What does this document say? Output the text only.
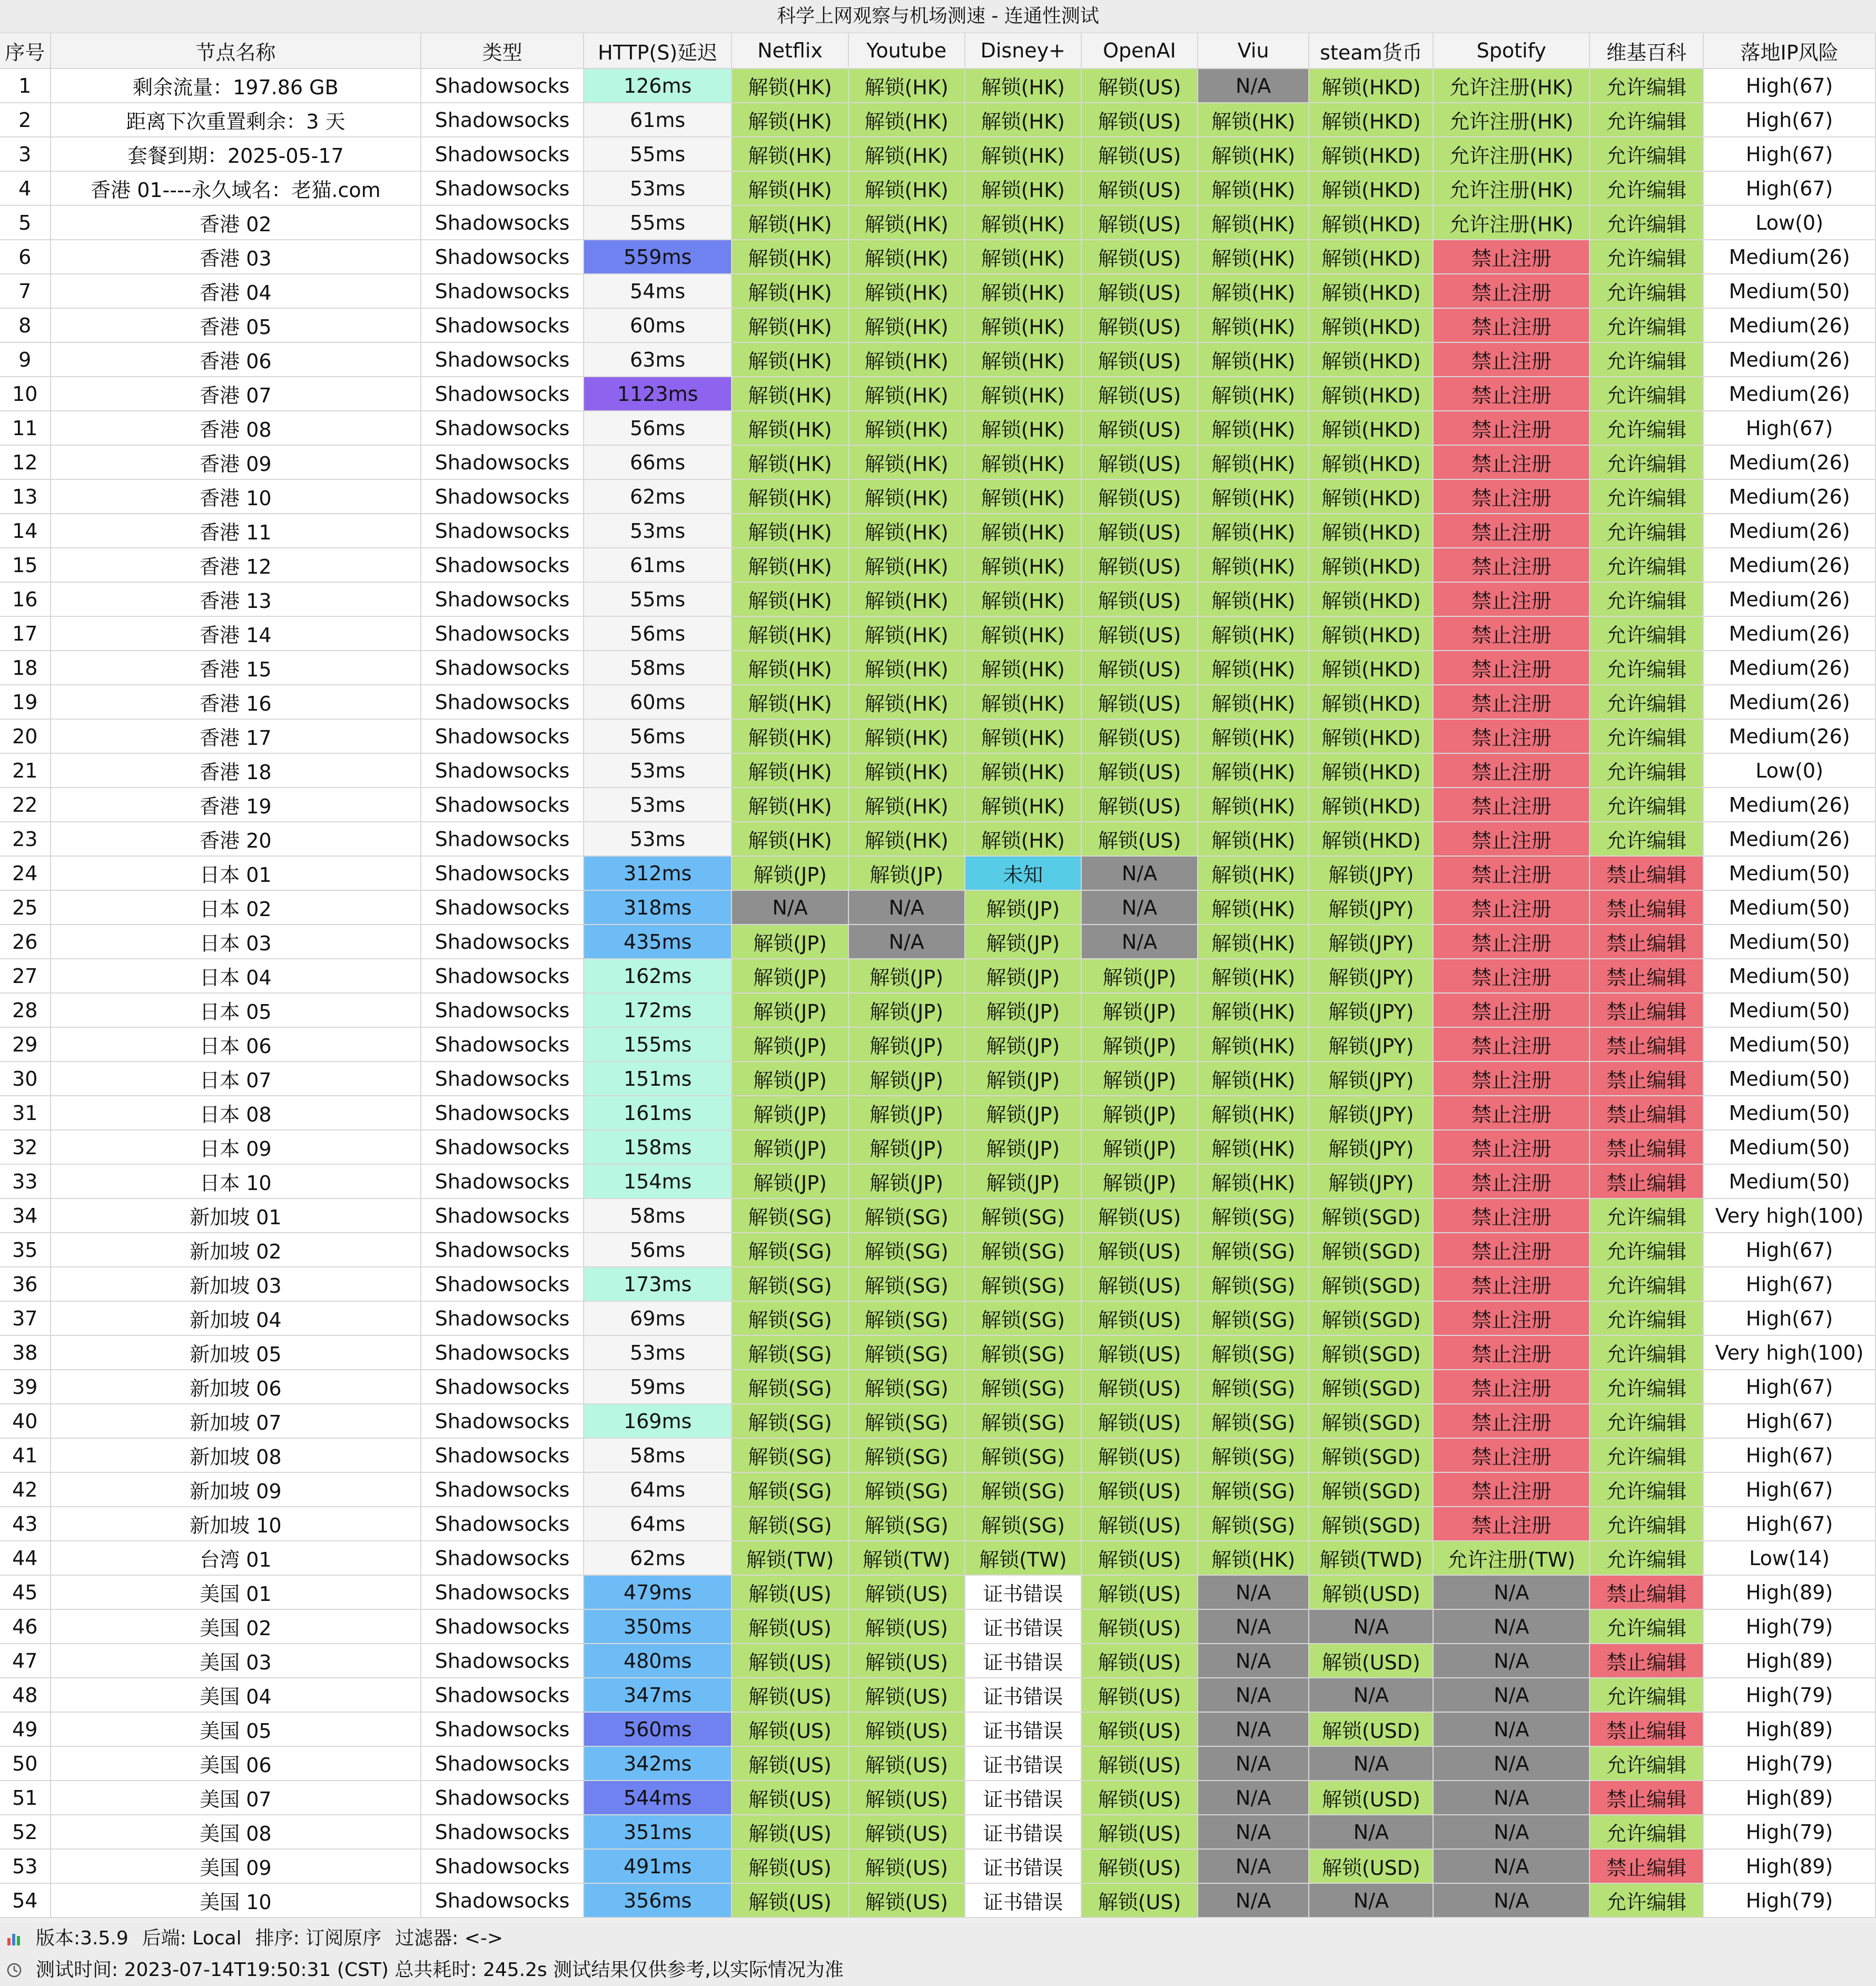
科学上网观察与机场测速 - 连通性测试
序号	节点名称	类型	HTTP(S)延迟	Netflix	Youtube	Disney+	OpenAI	Viu	steam货币	Spotify	维基百科	落地IP风险
1	剩余流量：197.86 GB	Shadowsocks	126ms	解锁(HK)	解锁(HK)	解锁(HK)	解锁(US)	N/A	解锁(HKD)	允许注册(HK)	允许编辑	High(67)
2	距离下次重置剩余：3 天	Shadowsocks	61ms	解锁(HK)	解锁(HK)	解锁(HK)	解锁(US)	解锁(HK)	解锁(HKD)	允许注册(HK)	允许编辑	High(67)
3	套餐到期：2025-05-17	Shadowsocks	55ms	解锁(HK)	解锁(HK)	解锁(HK)	解锁(US)	解锁(HK)	解锁(HKD)	允许注册(HK)	允许编辑	High(67)
4	香港 01----永久域名：老猫.com	Shadowsocks	53ms	解锁(HK)	解锁(HK)	解锁(HK)	解锁(US)	解锁(HK)	解锁(HKD)	允许注册(HK)	允许编辑	High(67)
5	香港 02	Shadowsocks	55ms	解锁(HK)	解锁(HK)	解锁(HK)	解锁(US)	解锁(HK)	解锁(HKD)	允许注册(HK)	允许编辑	Low(0)
6	香港 03	Shadowsocks	559ms	解锁(HK)	解锁(HK)	解锁(HK)	解锁(US)	解锁(HK)	解锁(HKD)	禁止注册	允许编辑	Medium(26)
7	香港 04	Shadowsocks	54ms	解锁(HK)	解锁(HK)	解锁(HK)	解锁(US)	解锁(HK)	解锁(HKD)	禁止注册	允许编辑	Medium(50)
8	香港 05	Shadowsocks	60ms	解锁(HK)	解锁(HK)	解锁(HK)	解锁(US)	解锁(HK)	解锁(HKD)	禁止注册	允许编辑	Medium(26)
9	香港 06	Shadowsocks	63ms	解锁(HK)	解锁(HK)	解锁(HK)	解锁(US)	解锁(HK)	解锁(HKD)	禁止注册	允许编辑	Medium(26)
10	香港 07	Shadowsocks	1123ms	解锁(HK)	解锁(HK)	解锁(HK)	解锁(US)	解锁(HK)	解锁(HKD)	禁止注册	允许编辑	Medium(26)
11	香港 08	Shadowsocks	56ms	解锁(HK)	解锁(HK)	解锁(HK)	解锁(US)	解锁(HK)	解锁(HKD)	禁止注册	允许编辑	High(67)
12	香港 09	Shadowsocks	66ms	解锁(HK)	解锁(HK)	解锁(HK)	解锁(US)	解锁(HK)	解锁(HKD)	禁止注册	允许编辑	Medium(26)
13	香港 10	Shadowsocks	62ms	解锁(HK)	解锁(HK)	解锁(HK)	解锁(US)	解锁(HK)	解锁(HKD)	禁止注册	允许编辑	Medium(26)
14	香港 11	Shadowsocks	53ms	解锁(HK)	解锁(HK)	解锁(HK)	解锁(US)	解锁(HK)	解锁(HKD)	禁止注册	允许编辑	Medium(26)
15	香港 12	Shadowsocks	61ms	解锁(HK)	解锁(HK)	解锁(HK)	解锁(US)	解锁(HK)	解锁(HKD)	禁止注册	允许编辑	Medium(26)
16	香港 13	Shadowsocks	55ms	解锁(HK)	解锁(HK)	解锁(HK)	解锁(US)	解锁(HK)	解锁(HKD)	禁止注册	允许编辑	Medium(26)
17	香港 14	Shadowsocks	56ms	解锁(HK)	解锁(HK)	解锁(HK)	解锁(US)	解锁(HK)	解锁(HKD)	禁止注册	允许编辑	Medium(26)
18	香港 15	Shadowsocks	58ms	解锁(HK)	解锁(HK)	解锁(HK)	解锁(US)	解锁(HK)	解锁(HKD)	禁止注册	允许编辑	Medium(26)
19	香港 16	Shadowsocks	60ms	解锁(HK)	解锁(HK)	解锁(HK)	解锁(US)	解锁(HK)	解锁(HKD)	禁止注册	允许编辑	Medium(26)
20	香港 17	Shadowsocks	56ms	解锁(HK)	解锁(HK)	解锁(HK)	解锁(US)	解锁(HK)	解锁(HKD)	禁止注册	允许编辑	Medium(26)
21	香港 18	Shadowsocks	53ms	解锁(HK)	解锁(HK)	解锁(HK)	解锁(US)	解锁(HK)	解锁(HKD)	禁止注册	允许编辑	Low(0)
22	香港 19	Shadowsocks	53ms	解锁(HK)	解锁(HK)	解锁(HK)	解锁(US)	解锁(HK)	解锁(HKD)	禁止注册	允许编辑	Medium(26)
23	香港 20	Shadowsocks	53ms	解锁(HK)	解锁(HK)	解锁(HK)	解锁(US)	解锁(HK)	解锁(HKD)	禁止注册	允许编辑	Medium(26)
24	日本 01	Shadowsocks	312ms	解锁(JP)	解锁(JP)	未知	N/A	解锁(HK)	解锁(JPY)	禁止注册	禁止编辑	Medium(50)
25	日本 02	Shadowsocks	318ms	N/A	N/A	解锁(JP)	N/A	解锁(HK)	解锁(JPY)	禁止注册	禁止编辑	Medium(50)
26	日本 03	Shadowsocks	435ms	解锁(JP)	N/A	解锁(JP)	N/A	解锁(HK)	解锁(JPY)	禁止注册	禁止编辑	Medium(50)
27	日本 04	Shadowsocks	162ms	解锁(JP)	解锁(JP)	解锁(JP)	解锁(JP)	解锁(HK)	解锁(JPY)	禁止注册	禁止编辑	Medium(50)
28	日本 05	Shadowsocks	172ms	解锁(JP)	解锁(JP)	解锁(JP)	解锁(JP)	解锁(HK)	解锁(JPY)	禁止注册	禁止编辑	Medium(50)
29	日本 06	Shadowsocks	155ms	解锁(JP)	解锁(JP)	解锁(JP)	解锁(JP)	解锁(HK)	解锁(JPY)	禁止注册	禁止编辑	Medium(50)
30	日本 07	Shadowsocks	151ms	解锁(JP)	解锁(JP)	解锁(JP)	解锁(JP)	解锁(HK)	解锁(JPY)	禁止注册	禁止编辑	Medium(50)
31	日本 08	Shadowsocks	161ms	解锁(JP)	解锁(JP)	解锁(JP)	解锁(JP)	解锁(HK)	解锁(JPY)	禁止注册	禁止编辑	Medium(50)
32	日本 09	Shadowsocks	158ms	解锁(JP)	解锁(JP)	解锁(JP)	解锁(JP)	解锁(HK)	解锁(JPY)	禁止注册	禁止编辑	Medium(50)
33	日本 10	Shadowsocks	154ms	解锁(JP)	解锁(JP)	解锁(JP)	解锁(JP)	解锁(HK)	解锁(JPY)	禁止注册	禁止编辑	Medium(50)
34	新加坡 01	Shadowsocks	58ms	解锁(SG)	解锁(SG)	解锁(SG)	解锁(US)	解锁(SG)	解锁(SGD)	禁止注册	允许编辑	Very high(100)
35	新加坡 02	Shadowsocks	56ms	解锁(SG)	解锁(SG)	解锁(SG)	解锁(US)	解锁(SG)	解锁(SGD)	禁止注册	允许编辑	High(67)
36	新加坡 03	Shadowsocks	173ms	解锁(SG)	解锁(SG)	解锁(SG)	解锁(US)	解锁(SG)	解锁(SGD)	禁止注册	允许编辑	High(67)
37	新加坡 04	Shadowsocks	69ms	解锁(SG)	解锁(SG)	解锁(SG)	解锁(US)	解锁(SG)	解锁(SGD)	禁止注册	允许编辑	High(67)
38	新加坡 05	Shadowsocks	53ms	解锁(SG)	解锁(SG)	解锁(SG)	解锁(US)	解锁(SG)	解锁(SGD)	禁止注册	允许编辑	Very high(100)
39	新加坡 06	Shadowsocks	59ms	解锁(SG)	解锁(SG)	解锁(SG)	解锁(US)	解锁(SG)	解锁(SGD)	禁止注册	允许编辑	High(67)
40	新加坡 07	Shadowsocks	169ms	解锁(SG)	解锁(SG)	解锁(SG)	解锁(US)	解锁(SG)	解锁(SGD)	禁止注册	允许编辑	High(67)
41	新加坡 08	Shadowsocks	58ms	解锁(SG)	解锁(SG)	解锁(SG)	解锁(US)	解锁(SG)	解锁(SGD)	禁止注册	允许编辑	High(67)
42	新加坡 09	Shadowsocks	64ms	解锁(SG)	解锁(SG)	解锁(SG)	解锁(US)	解锁(SG)	解锁(SGD)	禁止注册	允许编辑	High(67)
43	新加坡 10	Shadowsocks	64ms	解锁(SG)	解锁(SG)	解锁(SG)	解锁(US)	解锁(SG)	解锁(SGD)	禁止注册	允许编辑	High(67)
44	台湾 01	Shadowsocks	62ms	解锁(TW)	解锁(TW)	解锁(TW)	解锁(US)	解锁(HK)	解锁(TWD)	允许注册(TW)	允许编辑	Low(14)
45	美国 01	Shadowsocks	479ms	解锁(US)	解锁(US)	证书错误	解锁(US)	N/A	解锁(USD)	N/A	禁止编辑	High(89)
46	美国 02	Shadowsocks	350ms	解锁(US)	解锁(US)	证书错误	解锁(US)	N/A	N/A	N/A	允许编辑	High(79)
47	美国 03	Shadowsocks	480ms	解锁(US)	解锁(US)	证书错误	解锁(US)	N/A	解锁(USD)	N/A	禁止编辑	High(89)
48	美国 04	Shadowsocks	347ms	解锁(US)	解锁(US)	证书错误	解锁(US)	N/A	N/A	N/A	允许编辑	High(79)
49	美国 05	Shadowsocks	560ms	解锁(US)	解锁(US)	证书错误	解锁(US)	N/A	解锁(USD)	N/A	禁止编辑	High(89)
50	美国 06	Shadowsocks	342ms	解锁(US)	解锁(US)	证书错误	解锁(US)	N/A	N/A	N/A	允许编辑	High(79)
51	美国 07	Shadowsocks	544ms	解锁(US)	解锁(US)	证书错误	解锁(US)	N/A	解锁(USD)	N/A	禁止编辑	High(89)
52	美国 08	Shadowsocks	351ms	解锁(US)	解锁(US)	证书错误	解锁(US)	N/A	N/A	N/A	允许编辑	High(79)
53	美国 09	Shadowsocks	491ms	解锁(US)	解锁(US)	证书错误	解锁(US)	N/A	解锁(USD)	N/A	禁止编辑	High(89)
54	美国 10	Shadowsocks	356ms	解锁(US)	解锁(US)	证书错误	解锁(US)	N/A	N/A	N/A	允许编辑	High(79)
版本:3.5.9 后端: Local 排序: 订阅原序 过滤器: <->
测试时间: 2023-07-14T19:50:31 (CST) 总共耗时: 245.2s 测试结果仅供参考,以实际情况为准
